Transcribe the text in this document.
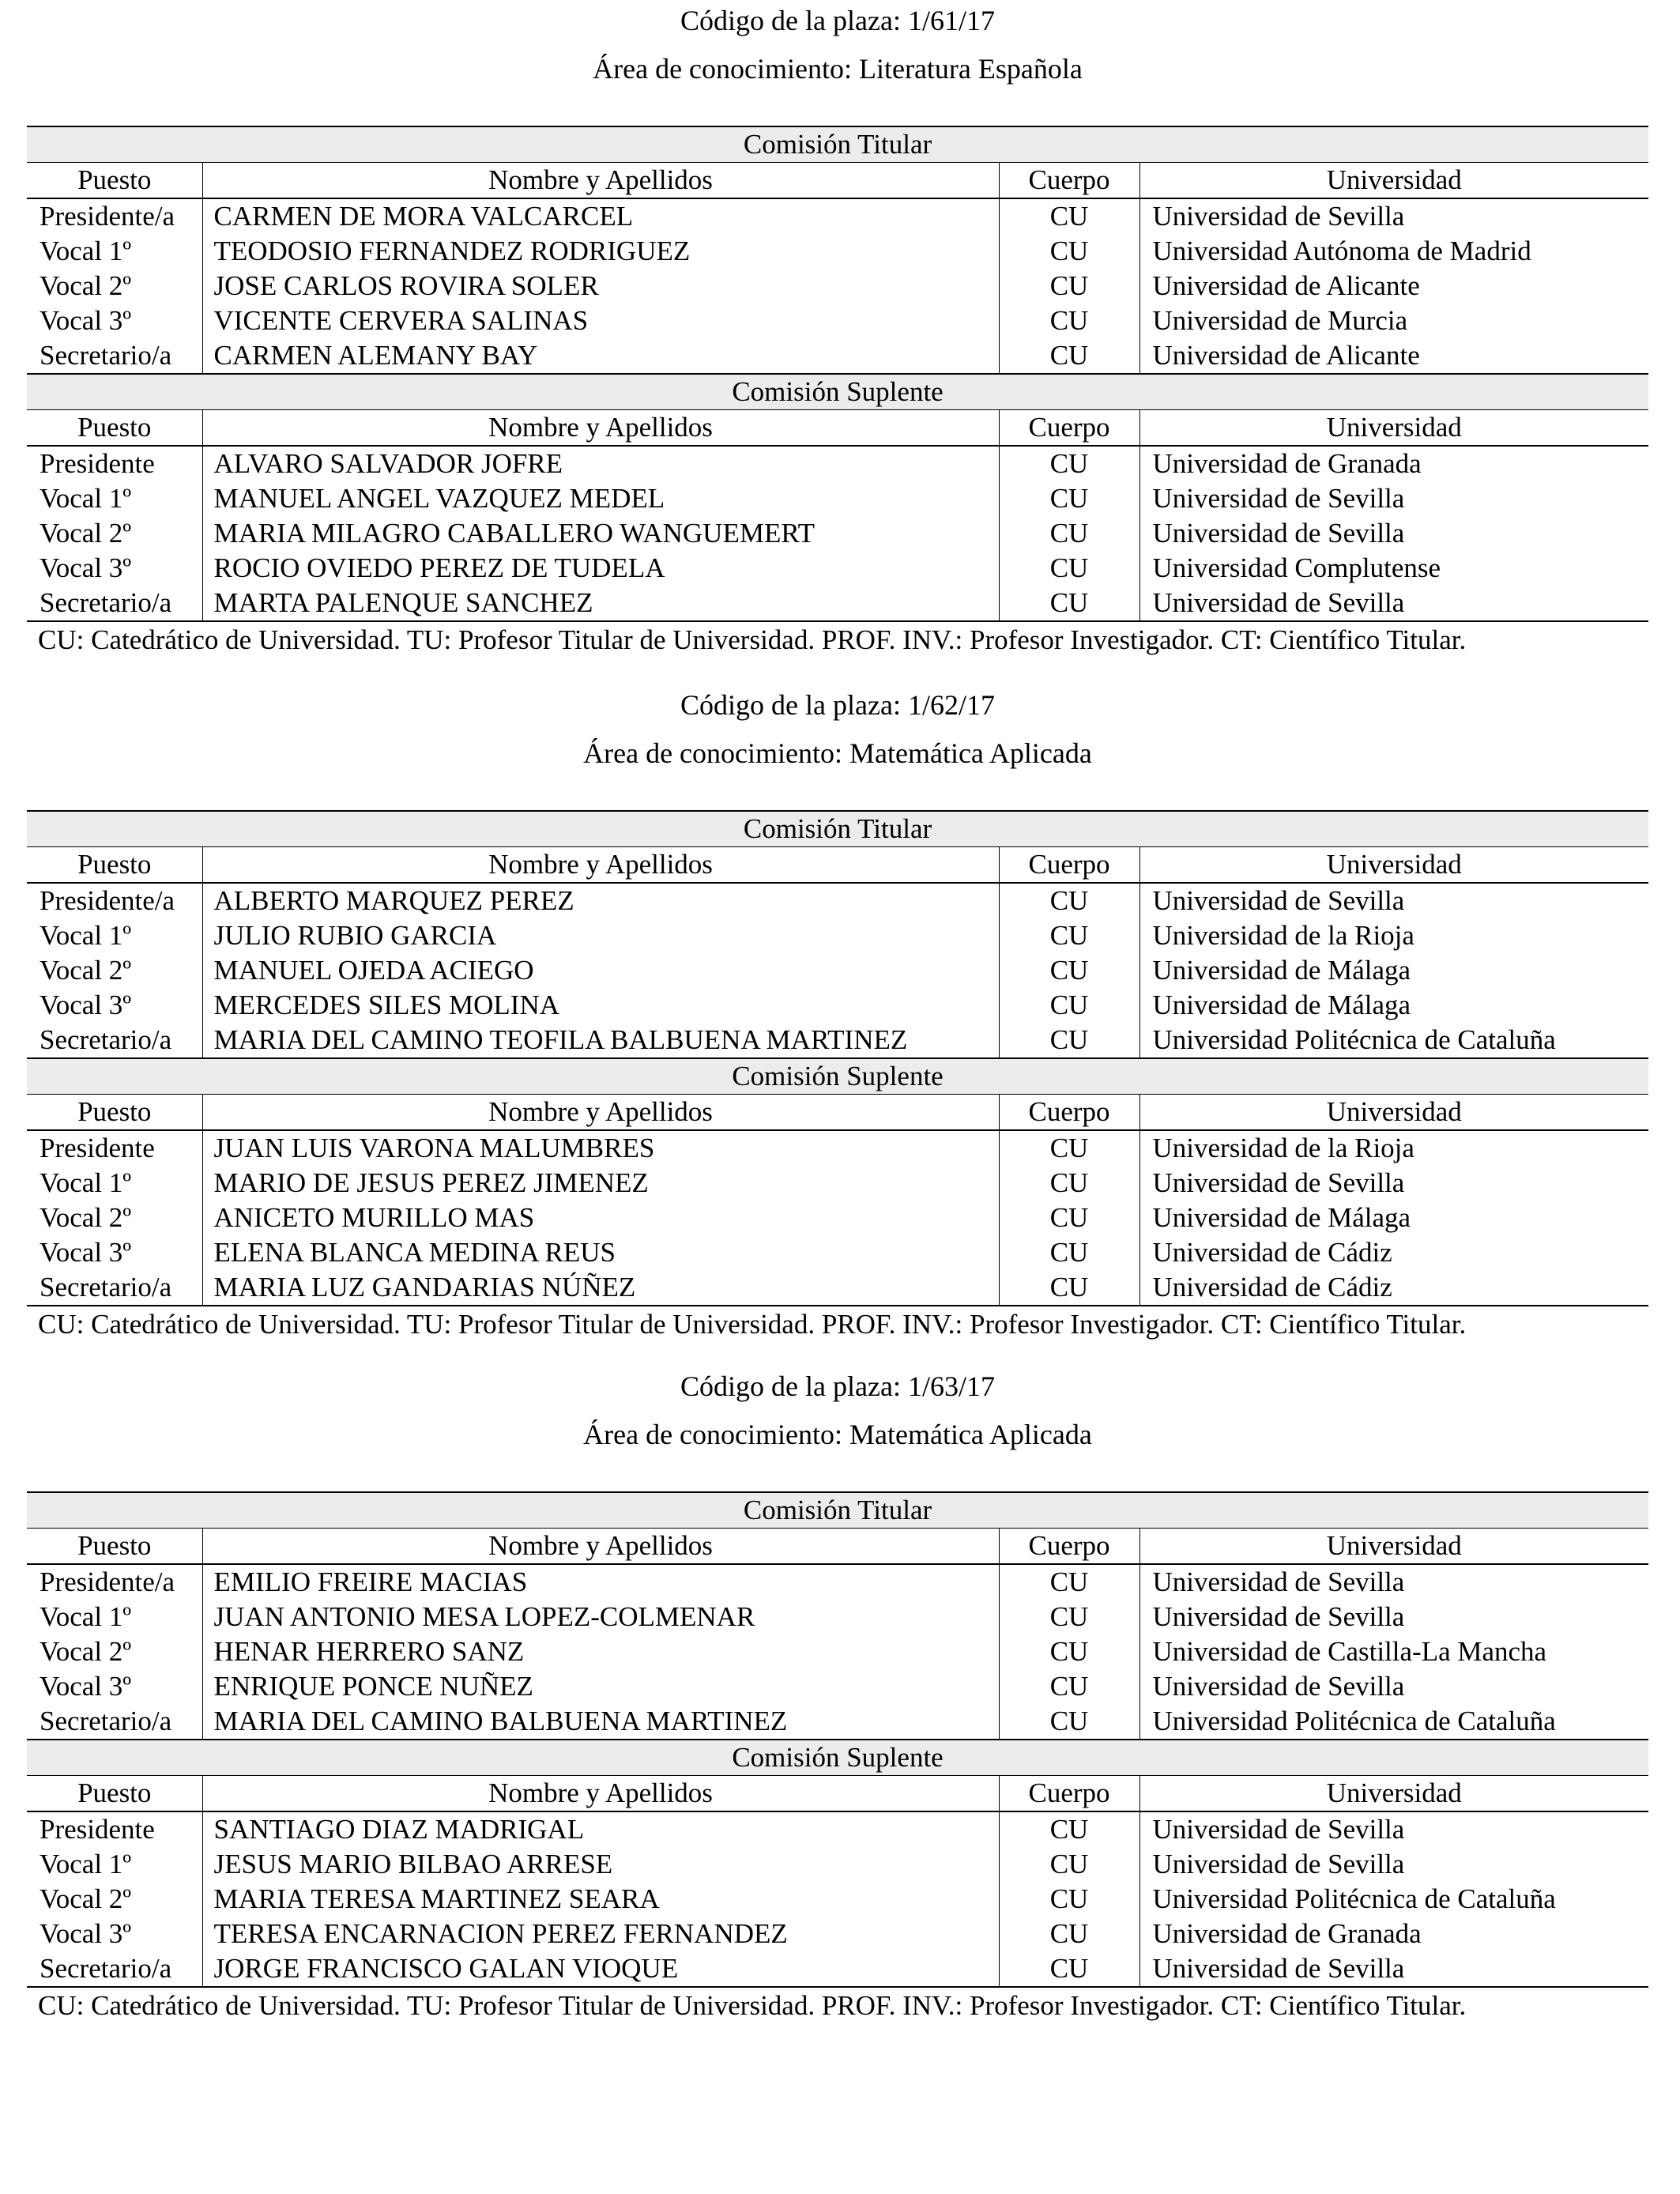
Código de la plaza: 1/61/17
Área de conocimiento: Literatura Española
Comisión Titular			
Puesto	Nombre y Apellidos	Cuerpo	Universidad
Presidente/a	CARMEN DE MORA VALCARCEL	CU	Universidad de Sevilla
Vocal 1º	TEODOSIO FERNANDEZ RODRIGUEZ	CU	Universidad Autónoma de Madrid
Vocal 2º	JOSE CARLOS ROVIRA SOLER	CU	Universidad de Alicante
Vocal 3º	VICENTE CERVERA SALINAS	CU	Universidad de Murcia
Secretario/a	CARMEN ALEMANY BAY	CU	Universidad de Alicante
Comisión Suplente			
Puesto	Nombre y Apellidos	Cuerpo	Universidad
Presidente	ALVARO SALVADOR JOFRE	CU	Universidad de Granada
Vocal 1º	MANUEL ANGEL VAZQUEZ MEDEL	CU	Universidad de Sevilla
Vocal 2º	MARIA MILAGRO CABALLERO WANGUEMERT	CU	Universidad de Sevilla
Vocal 3º	ROCIO OVIEDO PEREZ DE TUDELA	CU	Universidad Complutense
Secretario/a	MARTA PALENQUE SANCHEZ	CU	Universidad de Sevilla
CU: Catedrático de Universidad. TU: Profesor Titular de Universidad. PROF. INV.: Profesor Investigador. CT: Científico Titular.
Código de la plaza: 1/62/17
Área de conocimiento: Matemática Aplicada
Comisión Titular			
Puesto	Nombre y Apellidos	Cuerpo	Universidad
Presidente/a	ALBERTO MARQUEZ PEREZ	CU	Universidad de Sevilla
Vocal 1º	JULIO RUBIO GARCIA	CU	Universidad de la Rioja
Vocal 2º	MANUEL OJEDA ACIEGO	CU	Universidad de Málaga
Vocal 3º	MERCEDES SILES MOLINA	CU	Universidad de Málaga
Secretario/a	MARIA DEL CAMINO TEOFILA BALBUENA MARTINEZ	CU	Universidad Politécnica de Cataluña
Comisión Suplente			
Puesto	Nombre y Apellidos	Cuerpo	Universidad
Presidente	JUAN LUIS VARONA MALUMBRES	CU	Universidad de la Rioja
Vocal 1º	MARIO DE JESUS PEREZ JIMENEZ	CU	Universidad de Sevilla
Vocal 2º	ANICETO MURILLO MAS	CU	Universidad de Málaga
Vocal 3º	ELENA BLANCA MEDINA REUS	CU	Universidad de Cádiz
Secretario/a	MARIA LUZ GANDARIAS NÚÑEZ	CU	Universidad de Cádiz
CU: Catedrático de Universidad. TU: Profesor Titular de Universidad. PROF. INV.: Profesor Investigador. CT: Científico Titular.
Código de la plaza: 1/63/17
Área de conocimiento: Matemática Aplicada
Comisión Titular			
Puesto	Nombre y Apellidos	Cuerpo	Universidad
Presidente/a	EMILIO FREIRE MACIAS	CU	Universidad de Sevilla
Vocal 1º	JUAN ANTONIO MESA LOPEZ-COLMENAR	CU	Universidad de Sevilla
Vocal 2º	HENAR HERRERO SANZ	CU	Universidad de Castilla-La Mancha
Vocal 3º	ENRIQUE PONCE NUÑEZ	CU	Universidad de Sevilla
Secretario/a	MARIA DEL CAMINO BALBUENA MARTINEZ	CU	Universidad Politécnica de Cataluña
Comisión Suplente			
Puesto	Nombre y Apellidos	Cuerpo	Universidad
Presidente	SANTIAGO DIAZ MADRIGAL	CU	Universidad de Sevilla
Vocal 1º	JESUS MARIO BILBAO ARRESE	CU	Universidad de Sevilla
Vocal 2º	MARIA TERESA MARTINEZ SEARA	CU	Universidad Politécnica de Cataluña
Vocal 3º	TERESA ENCARNACION PEREZ FERNANDEZ	CU	Universidad de Granada
Secretario/a	JORGE FRANCISCO GALAN VIOQUE	CU	Universidad de Sevilla
CU: Catedrático de Universidad. TU: Profesor Titular de Universidad. PROF. INV.: Profesor Investigador. CT: Científico Titular.
